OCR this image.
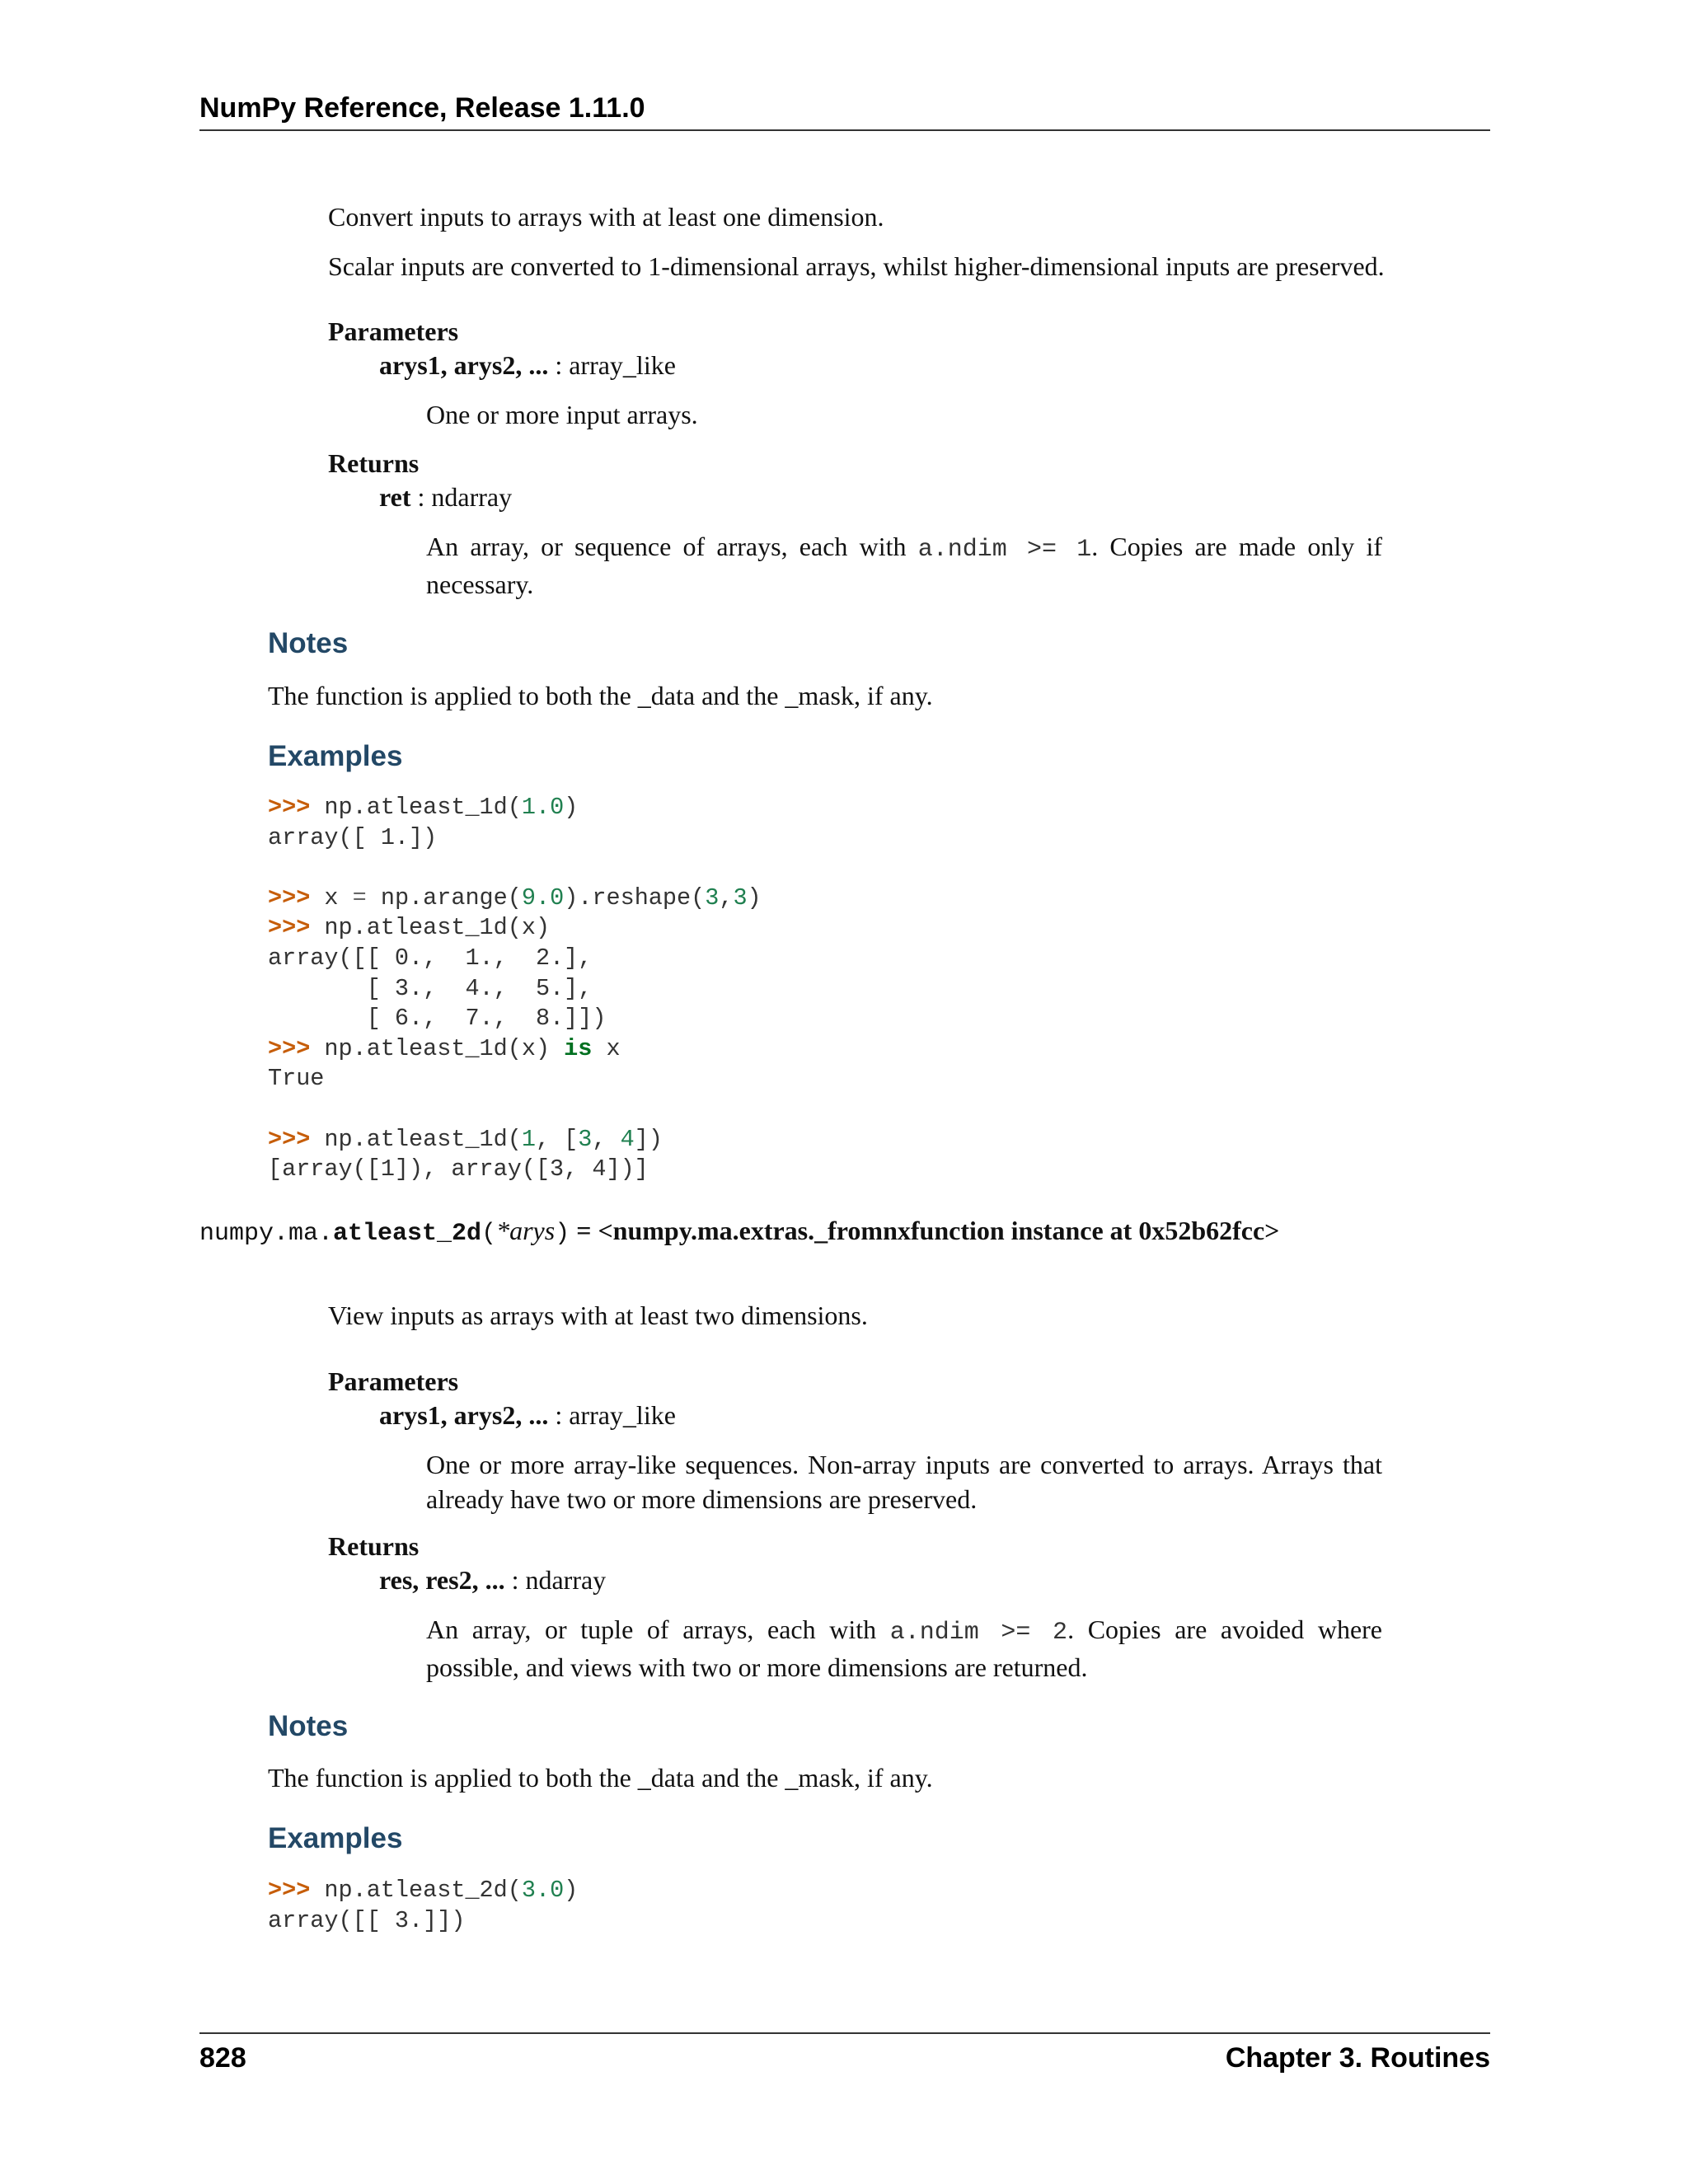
NumPy Reference, Release 1.11.0
Convert inputs to arrays with at least one dimension.
Scalar inputs are converted to 1-dimensional arrays, whilst higher-dimensional inputs are preserved.
Parameters
arys1, arys2, ... : array_like
One or more input arrays.
Returns
ret : ndarray
An array, or sequence of arrays, each with a.ndim >= 1. Copies are made only if necessary.
Notes
The function is applied to both the _data and the _mask, if any.
Examples
>>> np.atleast_1d(1.0)
array([ 1.])

>>> x = np.arange(9.0).reshape(3,3)
>>> np.atleast_1d(x)
array([[ 0.,  1.,  2.],
[ 3.,  4.,  5.],
[ 6.,  7.,  8.]])
>>> np.atleast_1d(x) is x
True

>>> np.atleast_1d(1, [3, 4])
[array([1]), array([3, 4])]
numpy.ma.atleast_2d(*arys) = <numpy.ma.extras._fromnxfunction instance at 0x52b62fcc>
View inputs as arrays with at least two dimensions.
Parameters
arys1, arys2, ... : array_like
One or more array-like sequences. Non-array inputs are converted to arrays. Arrays that already have two or more dimensions are preserved.
Returns
res, res2, ... : ndarray
An array, or tuple of arrays, each with a.ndim >= 2. Copies are avoided where possible, and views with two or more dimensions are returned.
Notes
The function is applied to both the _data and the _mask, if any.
Examples
>>> np.atleast_2d(3.0)
array([[ 3.]])
828	Chapter 3. Routines
